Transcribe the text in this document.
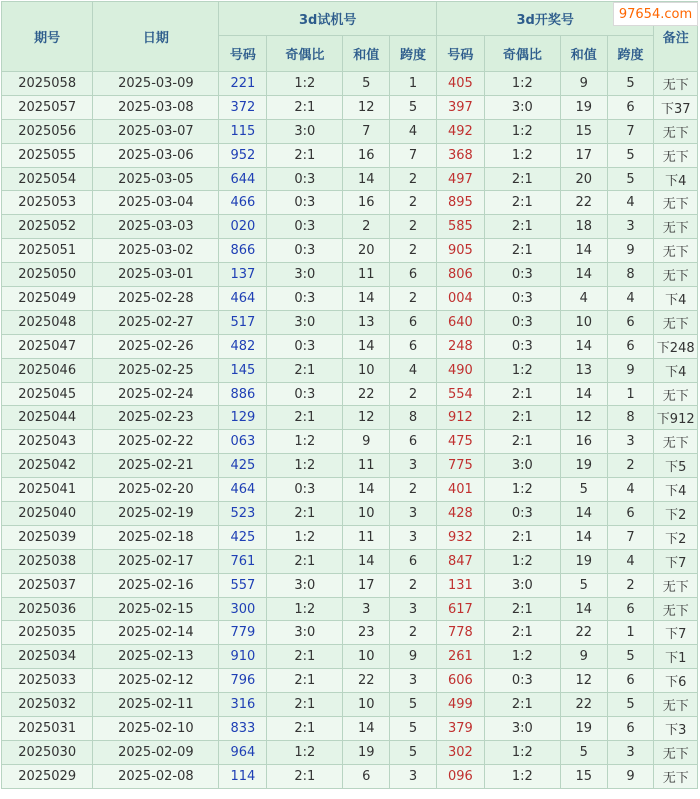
97654.com
期号	日期	3d试机号				3d开奖号				备注
		号码	奇偶比	和值	跨度	号码	奇偶比	和值	跨度	
2025058	2025-03-09	221	1:2	5	1	405	1:2	9	5	无下
2025057	2025-03-08	372	2:1	12	5	397	3:0	19	6	下37
2025056	2025-03-07	115	3:0	7	4	492	1:2	15	7	无下
2025055	2025-03-06	952	2:1	16	7	368	1:2	17	5	无下
2025054	2025-03-05	644	0:3	14	2	497	2:1	20	5	下4
2025053	2025-03-04	466	0:3	16	2	895	2:1	22	4	无下
2025052	2025-03-03	020	0:3	2	2	585	2:1	18	3	无下
2025051	2025-03-02	866	0:3	20	2	905	2:1	14	9	无下
2025050	2025-03-01	137	3:0	11	6	806	0:3	14	8	无下
2025049	2025-02-28	464	0:3	14	2	004	0:3	4	4	下4
2025048	2025-02-27	517	3:0	13	6	640	0:3	10	6	无下
2025047	2025-02-26	482	0:3	14	6	248	0:3	14	6	下248
2025046	2025-02-25	145	2:1	10	4	490	1:2	13	9	下4
2025045	2025-02-24	886	0:3	22	2	554	2:1	14	1	无下
2025044	2025-02-23	129	2:1	12	8	912	2:1	12	8	下912
2025043	2025-02-22	063	1:2	9	6	475	2:1	16	3	无下
2025042	2025-02-21	425	1:2	11	3	775	3:0	19	2	下5
2025041	2025-02-20	464	0:3	14	2	401	1:2	5	4	下4
2025040	2025-02-19	523	2:1	10	3	428	0:3	14	6	下2
2025039	2025-02-18	425	1:2	11	3	932	2:1	14	7	下2
2025038	2025-02-17	761	2:1	14	6	847	1:2	19	4	下7
2025037	2025-02-16	557	3:0	17	2	131	3:0	5	2	无下
2025036	2025-02-15	300	1:2	3	3	617	2:1	14	6	无下
2025035	2025-02-14	779	3:0	23	2	778	2:1	22	1	下7
2025034	2025-02-13	910	2:1	10	9	261	1:2	9	5	下1
2025033	2025-02-12	796	2:1	22	3	606	0:3	12	6	下6
2025032	2025-02-11	316	2:1	10	5	499	2:1	22	5	无下
2025031	2025-02-10	833	2:1	14	5	379	3:0	19	6	下3
2025030	2025-02-09	964	1:2	19	5	302	1:2	5	3	无下
2025029	2025-02-08	114	2:1	6	3	096	1:2	15	9	无下
